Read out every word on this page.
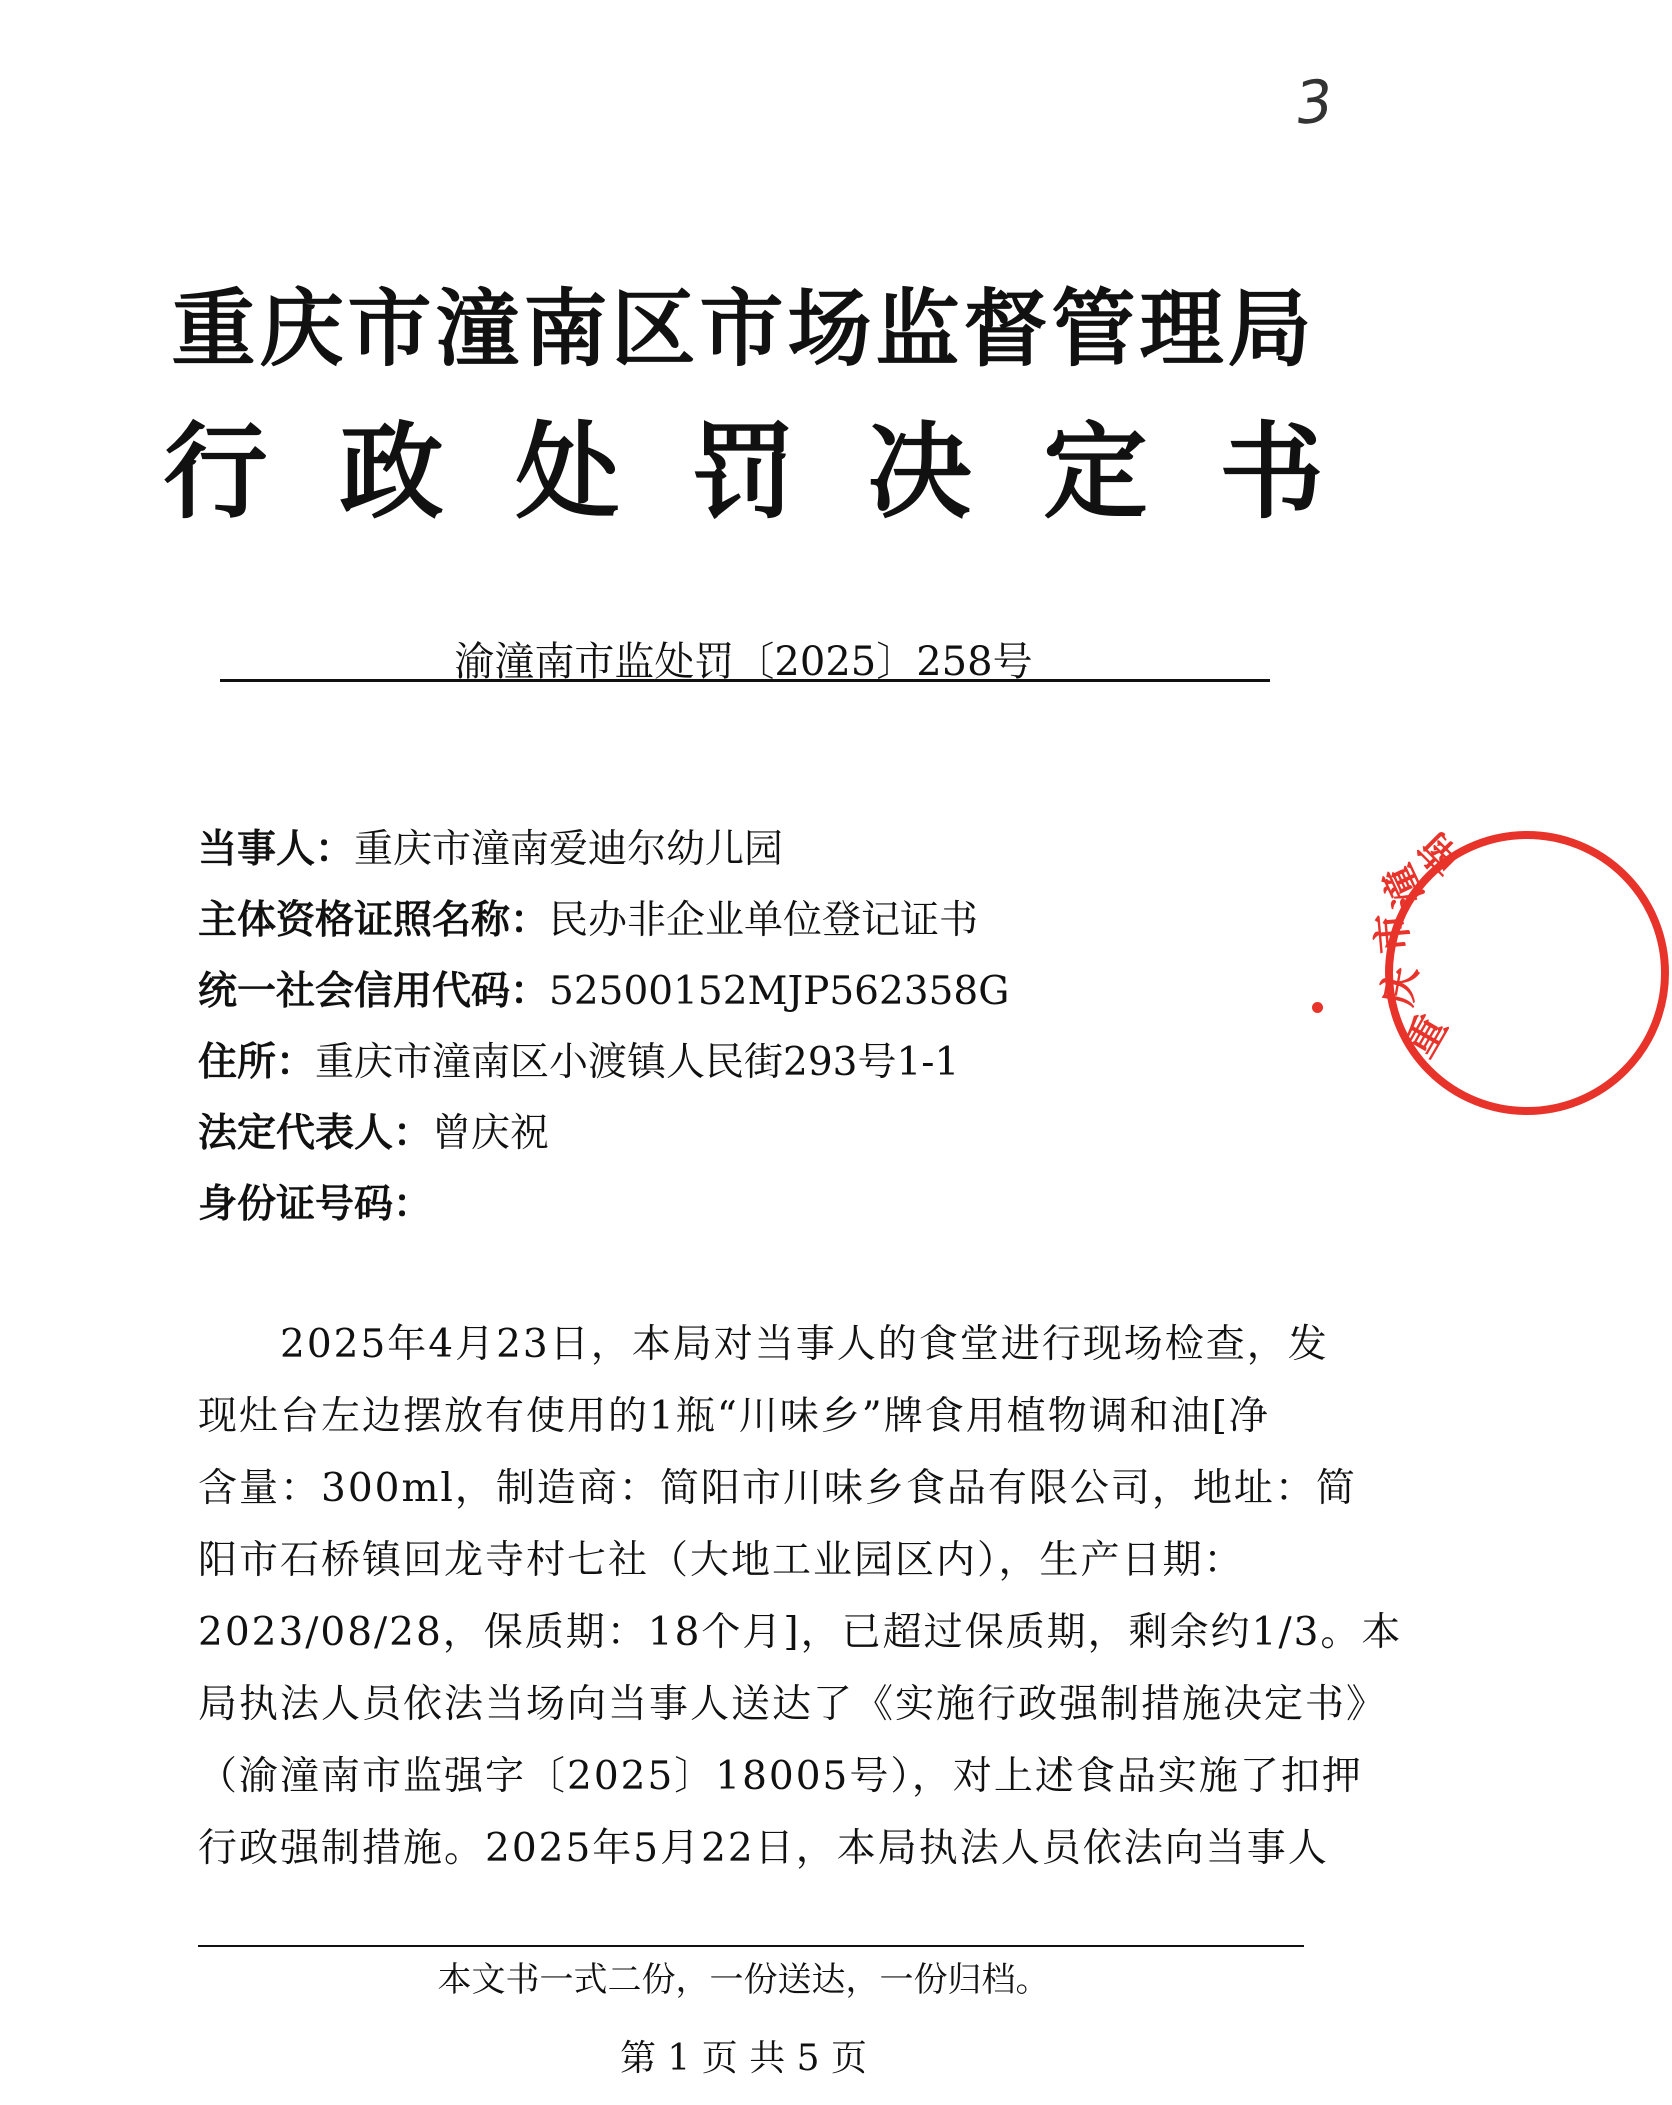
3
重庆市潼南区市场监督管理局
行政处罚决定书
渝潼南市监处罚〔2025〕258号
当事人：重庆市潼南爱迪尔幼儿园
主体资格证照名称：民办非企业单位登记证书
统一社会信用代码：52500152MJP562358G
住所：重庆市潼南区小渡镇人民街293号1-1
法定代表人：曾庆祝
身份证号码：
　　2025年4月23日，本局对当事人的食堂进行现场检查，发
现灶台左边摆放有使用的1瓶“川味乡”牌食用植物调和油[净
含量：300ml，制造商：简阳市川味乡食品有限公司，地址：简
阳市石桥镇回龙寺村七社（大地工业园区内），生产日期：
2023/08/28，保质期：18个月]，已超过保质期，剩余约1/3。本
局执法人员依法当场向当事人送达了《实施行政强制措施决定书》
（渝潼南市监强字〔2025〕18005号），对上述食品实施了扣押
行政强制措施。2025年5月22日，本局执法人员依法向当事人
本文书一式二份，一份送达，一份归档。
第 1 页 共 5 页
重
庆
市
潼
南
